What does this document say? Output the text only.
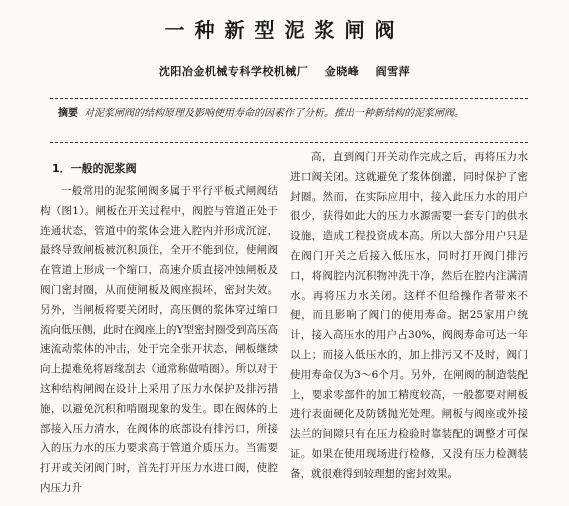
一种新型泥浆闸阀
沈阳冶金机械专科学校机械厂 金晓峰 阎雪萍
摘要 对泥浆闸阀的结构原理及影响使用寿命的因素作了分析。推出一种新结构的泥浆闸阀。
1．一般的泥浆阀

一般常用的泥浆闸阀多属于平行平板式闸阀结构（图1）。闸板在开关过程中，阀腔与管道正处于连通状态，管道中的浆体会进入腔内并形成沉淀，最终导致闸板被沉积顶住，全开不能到位，使闸阀在管道上形成一个缩口，高速介质直接冲蚀闸板及阀门密封圈，从而使闸板及阀座损坏，密封失效。另外，当闸板将要关闭时，高压侧的浆体穿过缩口流向低压侧，此时在阀座上的Y型密封圈受到高压高速流动浆体的冲击，处于完全张开状态，闸板继续向上提难免将唇缘刮去（通常称做啃圈）。所以对于这种结构闸阀在设计上采用了压力水保护及排污措施，以避免沉积和啃圈现象的发生。即在阀体的上部接入压力清水，在阀体的底部设有排污口，所接入的压力水的压力要求高于管道介质压力。当需要打开或关闭阀门时，首先打开压力水进口阀，使腔内压力升

高，直到阀门开关动作完成之后，再将压力水进口阀关闭。这就避免了浆体倒灌，同时保护了密封圈。然而，在实际应用中，接入此压力水的用户很少，获得如此大的压力水源需要一套专门的供水设施，造成工程投资成本高。所以大部分用户只是在阀门开关之后接入低压水，同时打开阀门排污口，将阀腔内沉积物冲洗干净，然后在腔内注满清水。再将压力水关闭。这样不但给操作者带来不便，而且影响了阀门的使用寿命。据25家用户统计，接入高压水的用户占30%，阀阀寿命可达一年以上；而接入低压水的，加上排污又不及时，阀门使用寿命仅为3～6个月。另外，在闸阀的制造装配上，要求零部件的加工精度较高，一般都要对闸板进行表面硬化及防锈抛光处理。闸板与阀座或外接法兰的间隙只有在压力检验时靠装配的调整才可保证。如果在使用现场进行检修，又没有压力检测装备，就很难得到较理想的密封效果。
